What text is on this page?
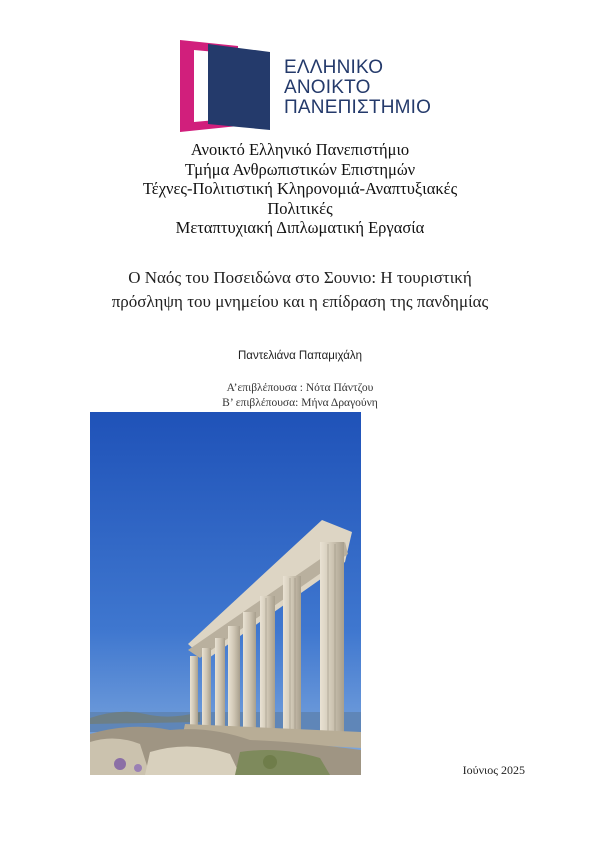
ΕΛΛΗΝΙΚΟ
ΑΝΟΙΚΤΟ
ΠΑΝΕΠΙΣΤΗΜΙΟ
Ανοικτό Ελληνικό Πανεπιστήμιο
Τμήμα Ανθρωπιστικών Επιστημών
Τέχνες-Πολιτιστική Κληρονομιά-Αναπτυξιακές
Πολιτικές
Μεταπτυχιακή Διπλωματική Εργασία
Ο Ναός του Ποσειδώνα στο Σουνιο: Η τουριστική
πρόσληψη του μνημείου και η επίδραση της πανδημίας
Παντελιάνα Παπαμιχάλη
Α’επιβλέπουσα : Νότα Πάντζου
Β’ επιβλέπουσα: Μήνα Δραγούνη
Ιούνιος 2025
